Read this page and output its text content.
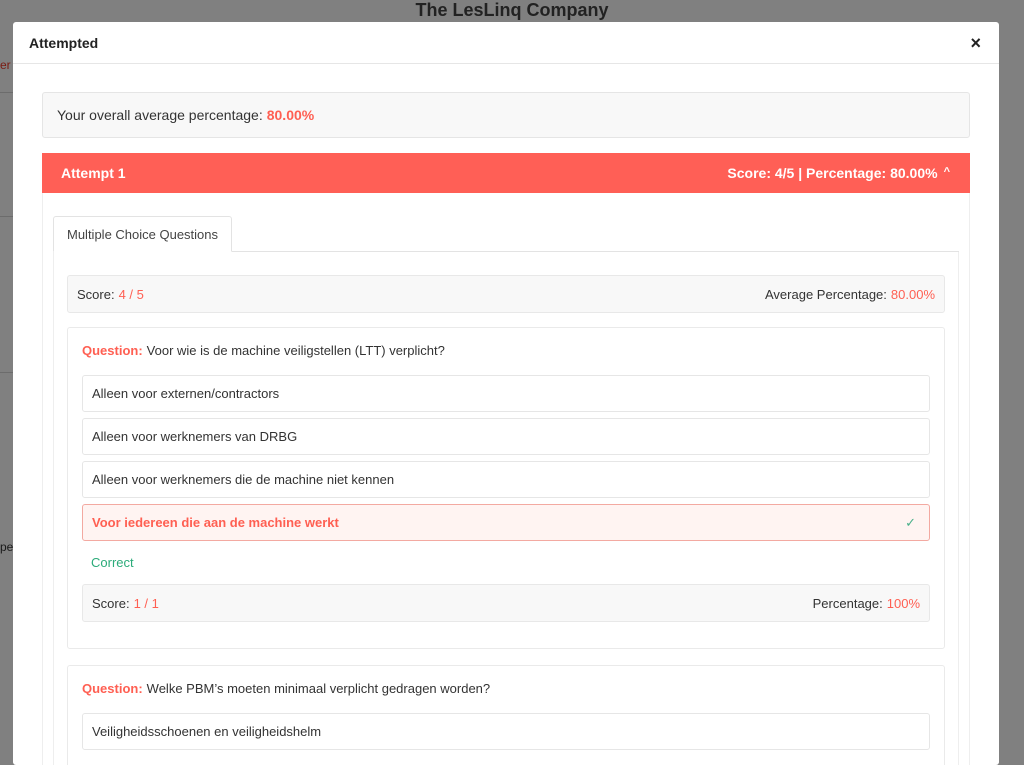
The LesLinq Company
er
pe
Attempted	×
Your overall average percentage: 80.00%
Attempt 1	Score: 4/5 | Percentage: 80.00% ^
Multiple Choice Questions
Score: 4 / 5	Average Percentage: 80.00%
Question: Voor wie is de machine veiligstellen (LTT) verplicht?
Alleen voor externen/contractors
Alleen voor werknemers van DRBG
Alleen voor werknemers die de machine niet kennen
Voor iedereen die aan de machine werkt	✓
Correct
Score: 1 / 1	Percentage: 100%
Question: Welke PBM’s moeten minimaal verplicht gedragen worden?
Veiligheidsschoenen en veiligheidshelm
